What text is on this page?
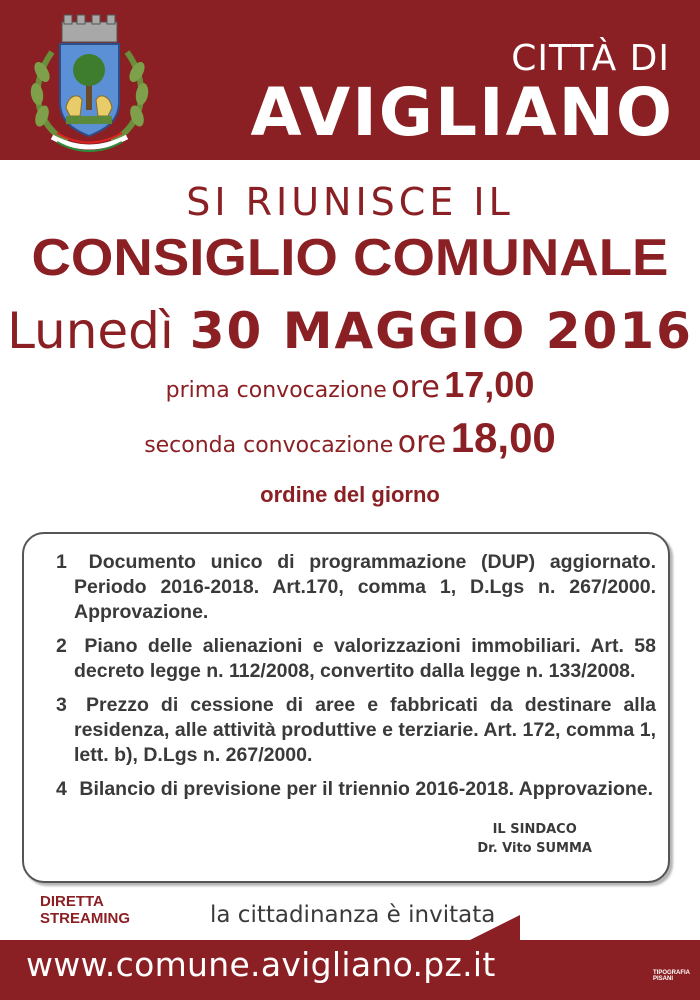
CITTÀ DI
AVIGLIANO
SI RIUNISCE IL
CONSIGLIO COMUNALE
Lunedì 30 MAGGIO 2016
prima convocazione ore 17,00
seconda convocazione ore 18,00
ordine del giorno
1 Documento unico di programmazione (DUP) aggiornato. Periodo 2016-2018. Art.170, comma 1, D.Lgs n. 267/2000. Approvazione.
2 Piano delle alienazioni e valorizzazioni immobiliari. Art. 58 decreto legge n. 112/2008, convertito dalla legge n. 133/2008.
3 Prezzo di cessione di aree e fabbricati da destinare alla residenza, alle attività produttive e terziarie. Art. 172, comma 1, lett. b), D.Lgs n. 267/2000.
4 Bilancio di previsione per il triennio 2016-2018. Approvazione.
IL SINDACO
Dr. Vito SUMMA
DIRETTA
STREAMING	la cittadinanza è invitata
www.comune.avigliano.pz.it	TIPOGRAFIA
PISANI
